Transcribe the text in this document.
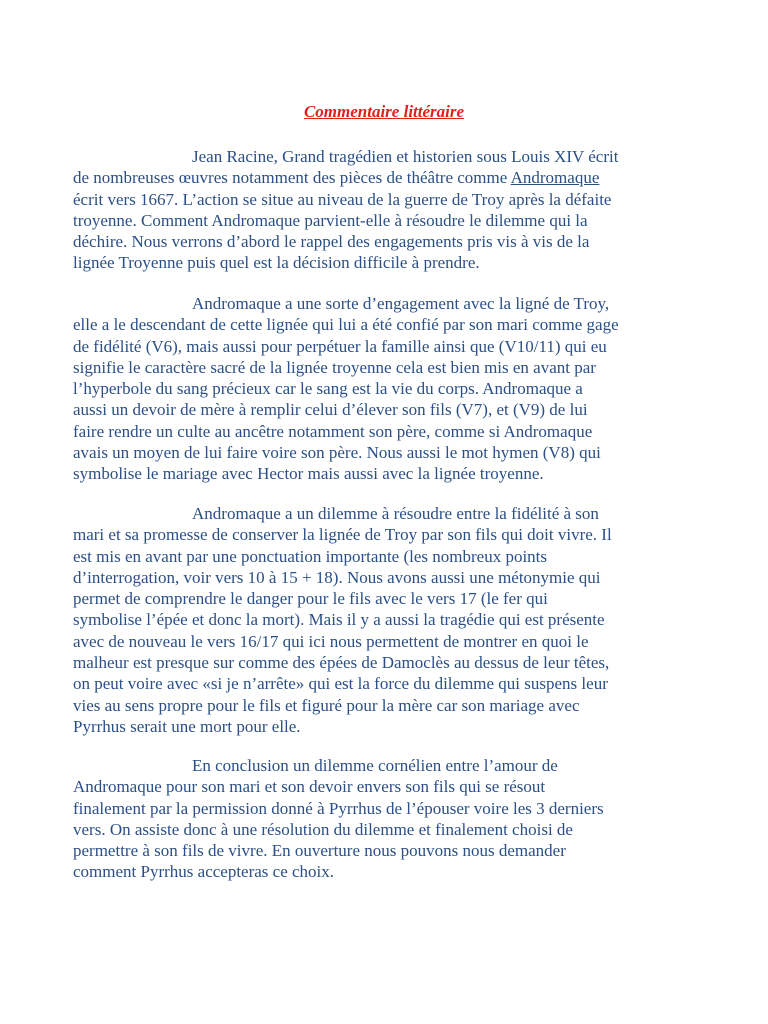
Commentaire littéraire
Jean Racine, Grand tragédien et historien sous Louis XIV écrit
de nombreuses œuvres notamment des pièces de théâtre comme Andromaque
écrit vers 1667. L’action se situe au niveau de la guerre de Troy après la défaite
troyenne. Comment Andromaque parvient-elle à résoudre le dilemme qui la
déchire. Nous verrons d’abord le rappel des engagements pris vis à vis de la
lignée Troyenne puis quel est la décision difficile à prendre.
Andromaque a une sorte d’engagement avec la ligné de Troy,
elle a le descendant de cette lignée qui lui a été confié par son mari comme gage
de fidélité (V6), mais aussi pour perpétuer la famille ainsi que (V10/11) qui eu
signifie le caractère sacré de la lignée troyenne cela est bien mis en avant par
l’hyperbole du sang précieux car le sang est la vie du corps. Andromaque a
aussi un devoir de mère à remplir celui d’élever son fils (V7), et (V9) de lui
faire rendre un culte au ancêtre notamment son père, comme si Andromaque
avais un moyen de lui faire voire son père. Nous aussi le mot hymen (V8) qui
symbolise le mariage avec Hector mais aussi avec la lignée troyenne.
Andromaque a un dilemme à résoudre entre la fidélité à son
mari et sa promesse de conserver la lignée de Troy par son fils qui doit vivre. Il
est mis en avant par une ponctuation importante (les nombreux points
d’interrogation, voir vers 10 à 15 + 18). Nous avons aussi une métonymie qui
permet de comprendre le danger pour le fils avec le vers 17 (le fer qui
symbolise l’épée et donc la mort). Mais il y a aussi la tragédie qui est présente
avec de nouveau le vers 16/17 qui ici nous permettent de montrer en quoi le
malheur est presque sur comme des épées de Damoclès au dessus de leur têtes,
on peut voire avec «si je n’arrête» qui est la force du dilemme qui suspens leur
vies au sens propre pour le fils et figuré pour la mère car son mariage avec
Pyrrhus serait une mort pour elle.
En conclusion un dilemme cornélien entre l’amour de
Andromaque pour son mari et son devoir envers son fils qui se résout
finalement par la permission donné à Pyrrhus de l’épouser voire les 3 derniers
vers. On assiste donc à une résolution du dilemme et finalement choisi de
permettre à son fils de vivre. En ouverture nous pouvons nous demander
comment Pyrrhus accepteras ce choix.
